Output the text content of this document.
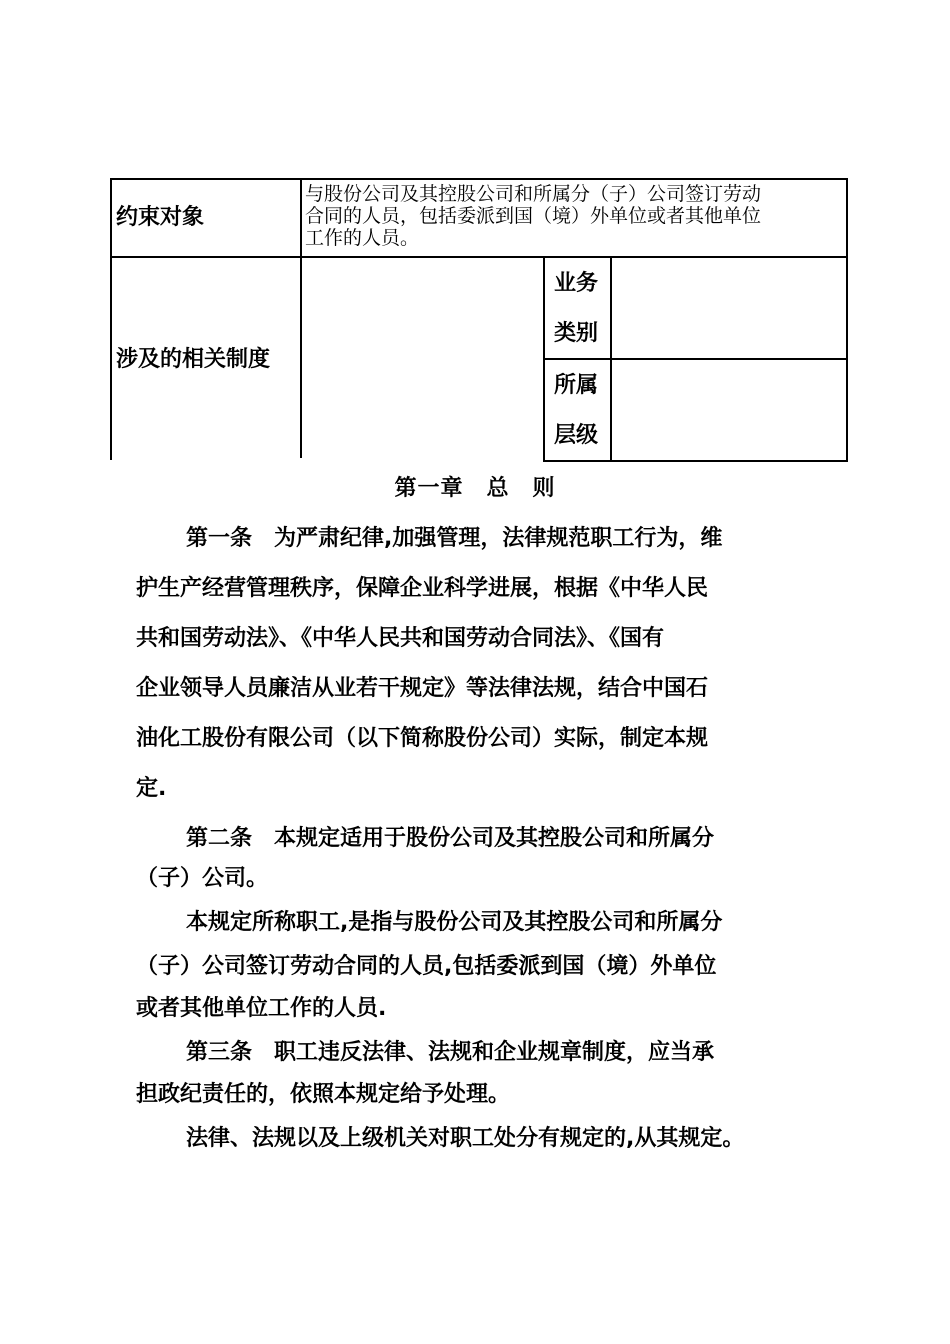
约束对象
与股份公司及其控股公司和所属分（子）公司签订劳动
合同的人员，包括委派到国（境）外单位或者其他单位
工作的人员。
涉及的相关制度
业务
类别
所属
层级
第一章　总　则
第一条　为严肃纪律,加强管理，法律规范职工行为，维
护生产经营管理秩序，保障企业科学进展，根据《中华人民
共和国劳动法》、《中华人民共和国劳动合同法》、《国有
企业领导人员廉洁从业若干规定》等法律法规，结合中国石
油化工股份有限公司（以下简称股份公司）实际，制定本规
定.
第二条　本规定适用于股份公司及其控股公司和所属分
（子）公司。
本规定所称职工,是指与股份公司及其控股公司和所属分
（子）公司签订劳动合同的人员,包括委派到国（境）外单位
或者其他单位工作的人员.
第三条　职工违反法律、法规和企业规章制度，应当承
担政纪责任的，依照本规定给予处理。
法律、法规以及上级机关对职工处分有规定的,从其规定。
